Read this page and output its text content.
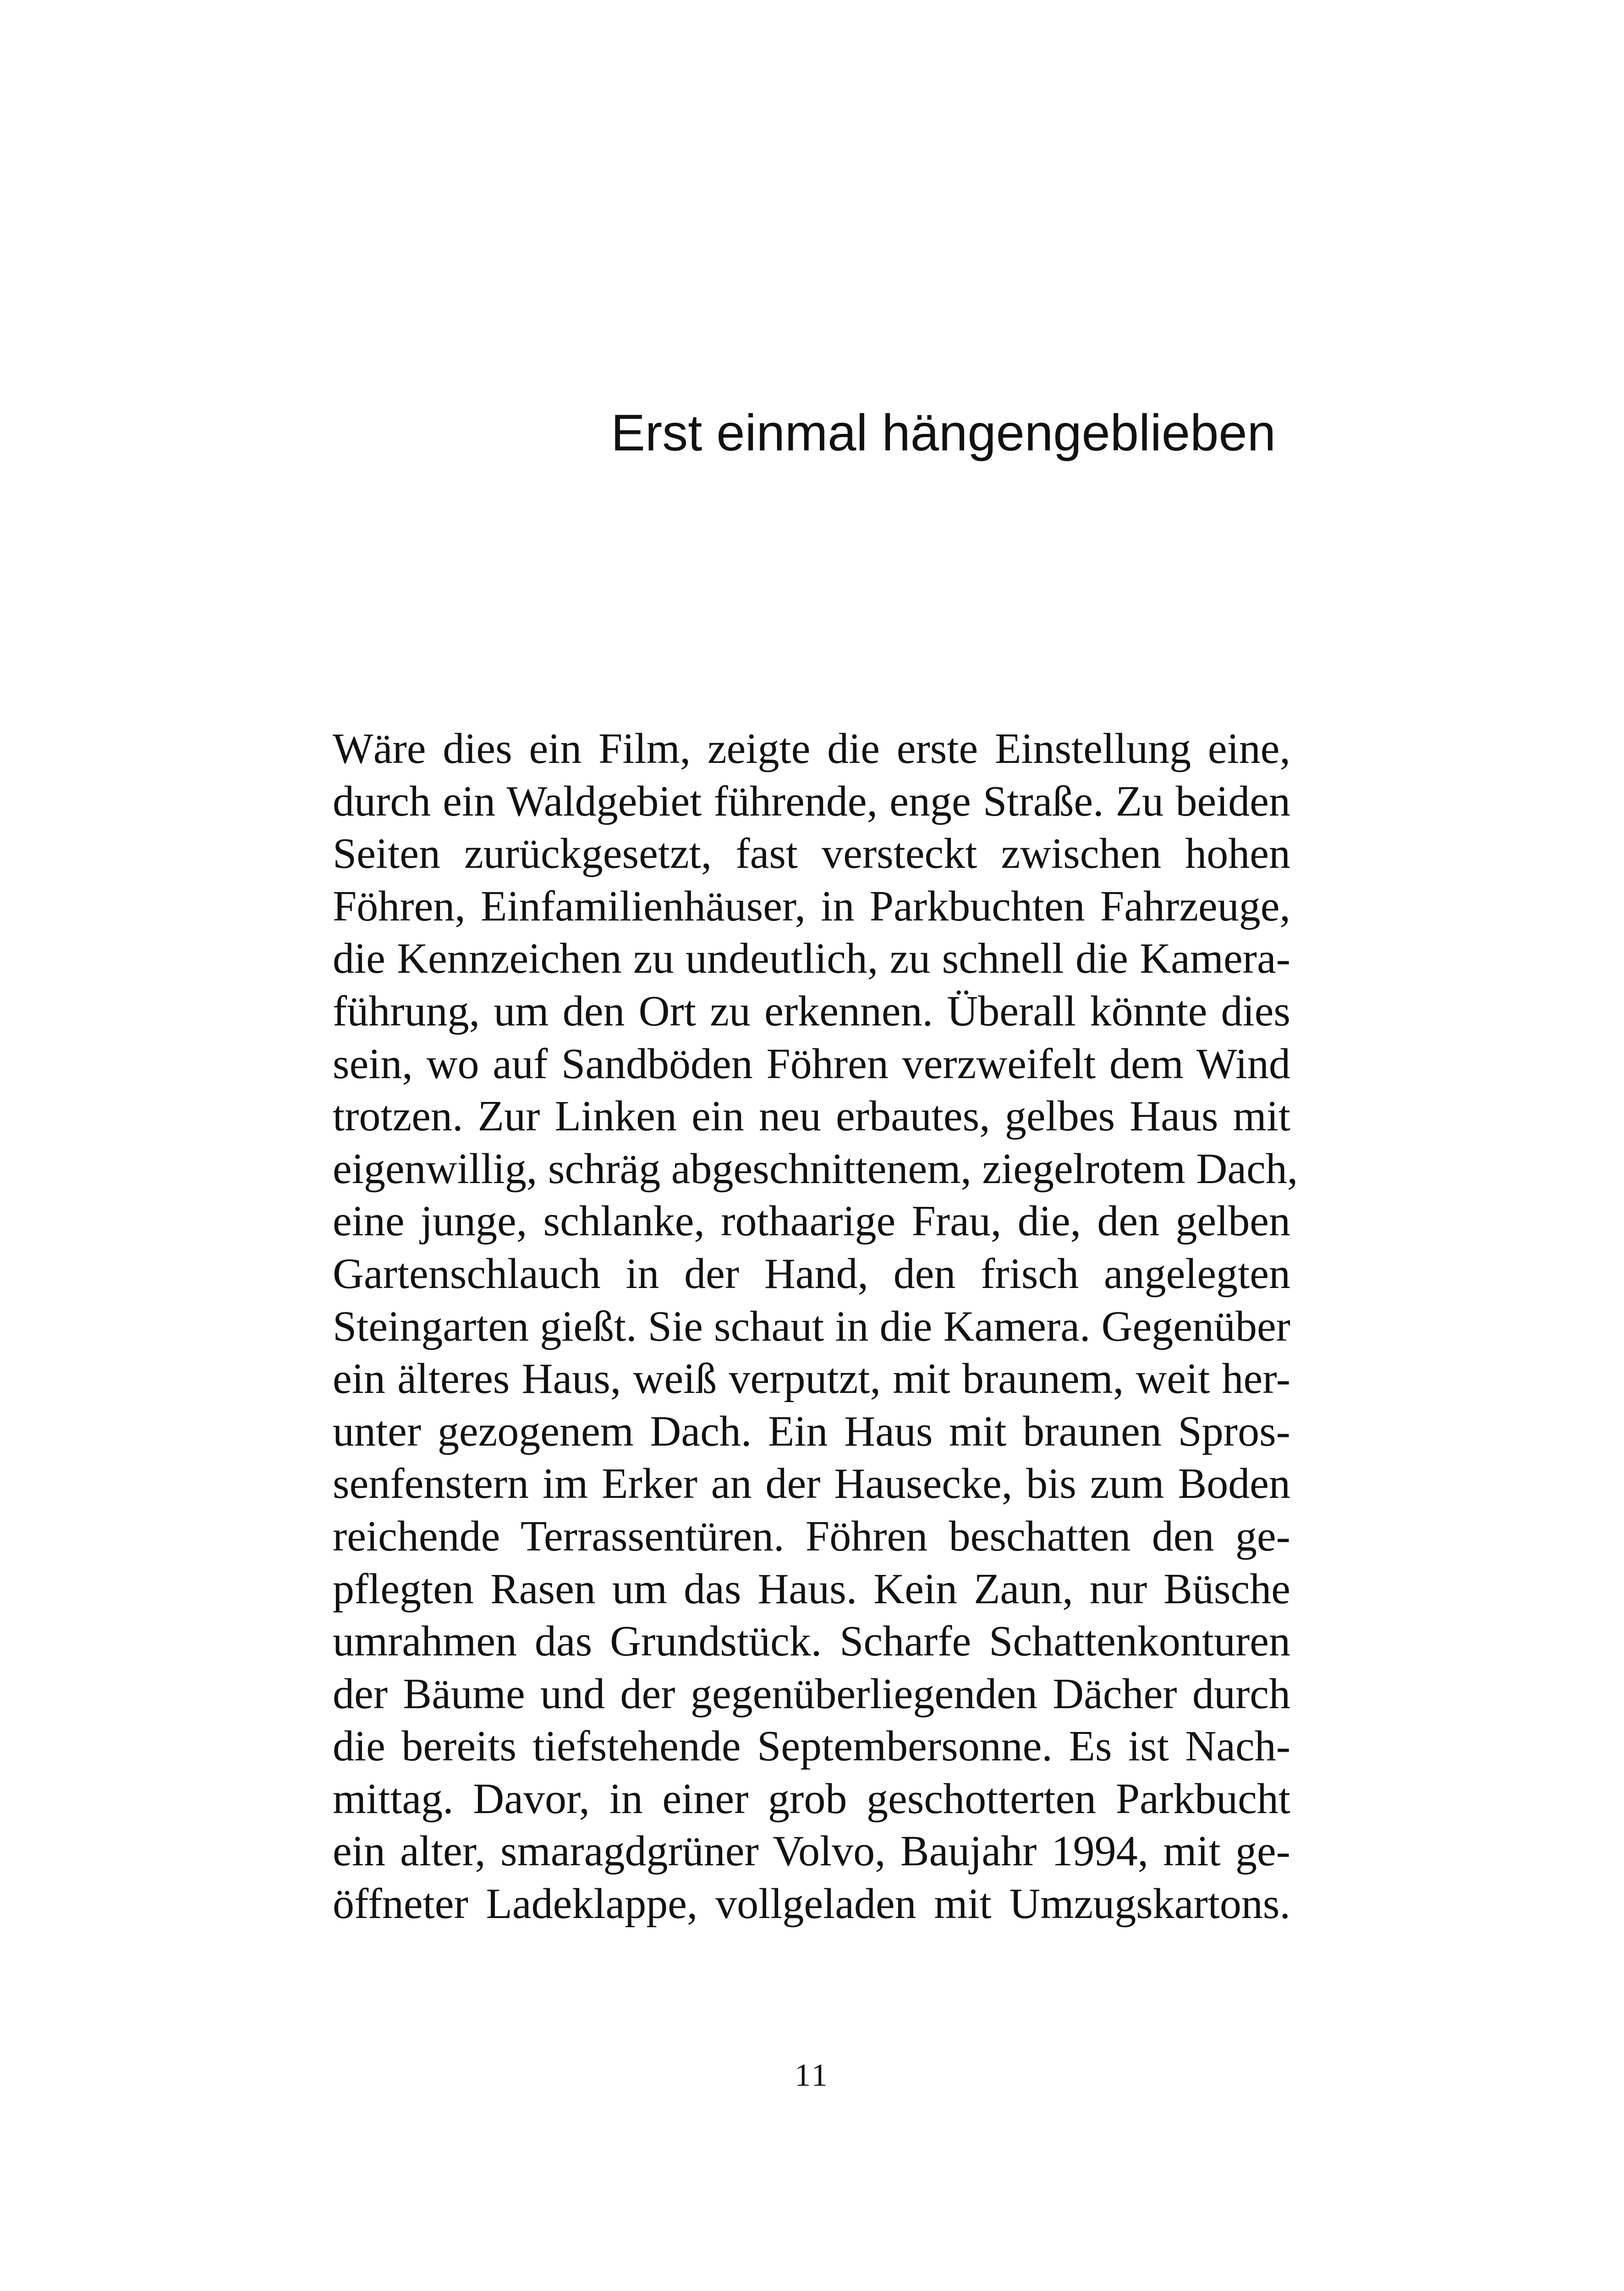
Erst einmal hängengeblieben
Wäre dies ein Film, zeigte die erste Einstellung eine,
durch ein Waldgebiet führende, enge Straße. Zu beiden
Seiten zurückgesetzt, fast versteckt zwischen hohen
Föhren, Einfamilienhäuser, in Parkbuchten Fahrzeuge,
die Kennzeichen zu undeutlich, zu schnell die Kamera-
führung, um den Ort zu erkennen. Überall könnte dies
sein, wo auf Sandböden Föhren verzweifelt dem Wind
trotzen. Zur Linken ein neu erbautes, gelbes Haus mit
eigenwillig, schräg abgeschnittenem, ziegelrotem Dach,
eine junge, schlanke, rothaarige Frau, die, den gelben
Gartenschlauch in der Hand, den frisch angelegten
Steingarten gießt. Sie schaut in die Kamera. Gegenüber
ein älteres Haus, weiß verputzt, mit braunem, weit her-
unter gezogenem Dach. Ein Haus mit braunen Spros-
senfenstern im Erker an der Hausecke, bis zum Boden
reichende Terrassentüren. Föhren beschatten den ge-
pflegten Rasen um das Haus. Kein Zaun, nur Büsche
umrahmen das Grundstück. Scharfe Schattenkonturen
der Bäume und der gegenüberliegenden Dächer durch
die bereits tiefstehende Septembersonne. Es ist Nach-
mittag. Davor, in einer grob geschotterten Parkbucht
ein alter, smaragdgrüner Volvo, Baujahr 1994, mit ge-
öffneter Ladeklappe, vollgeladen mit Umzugskartons.
11
